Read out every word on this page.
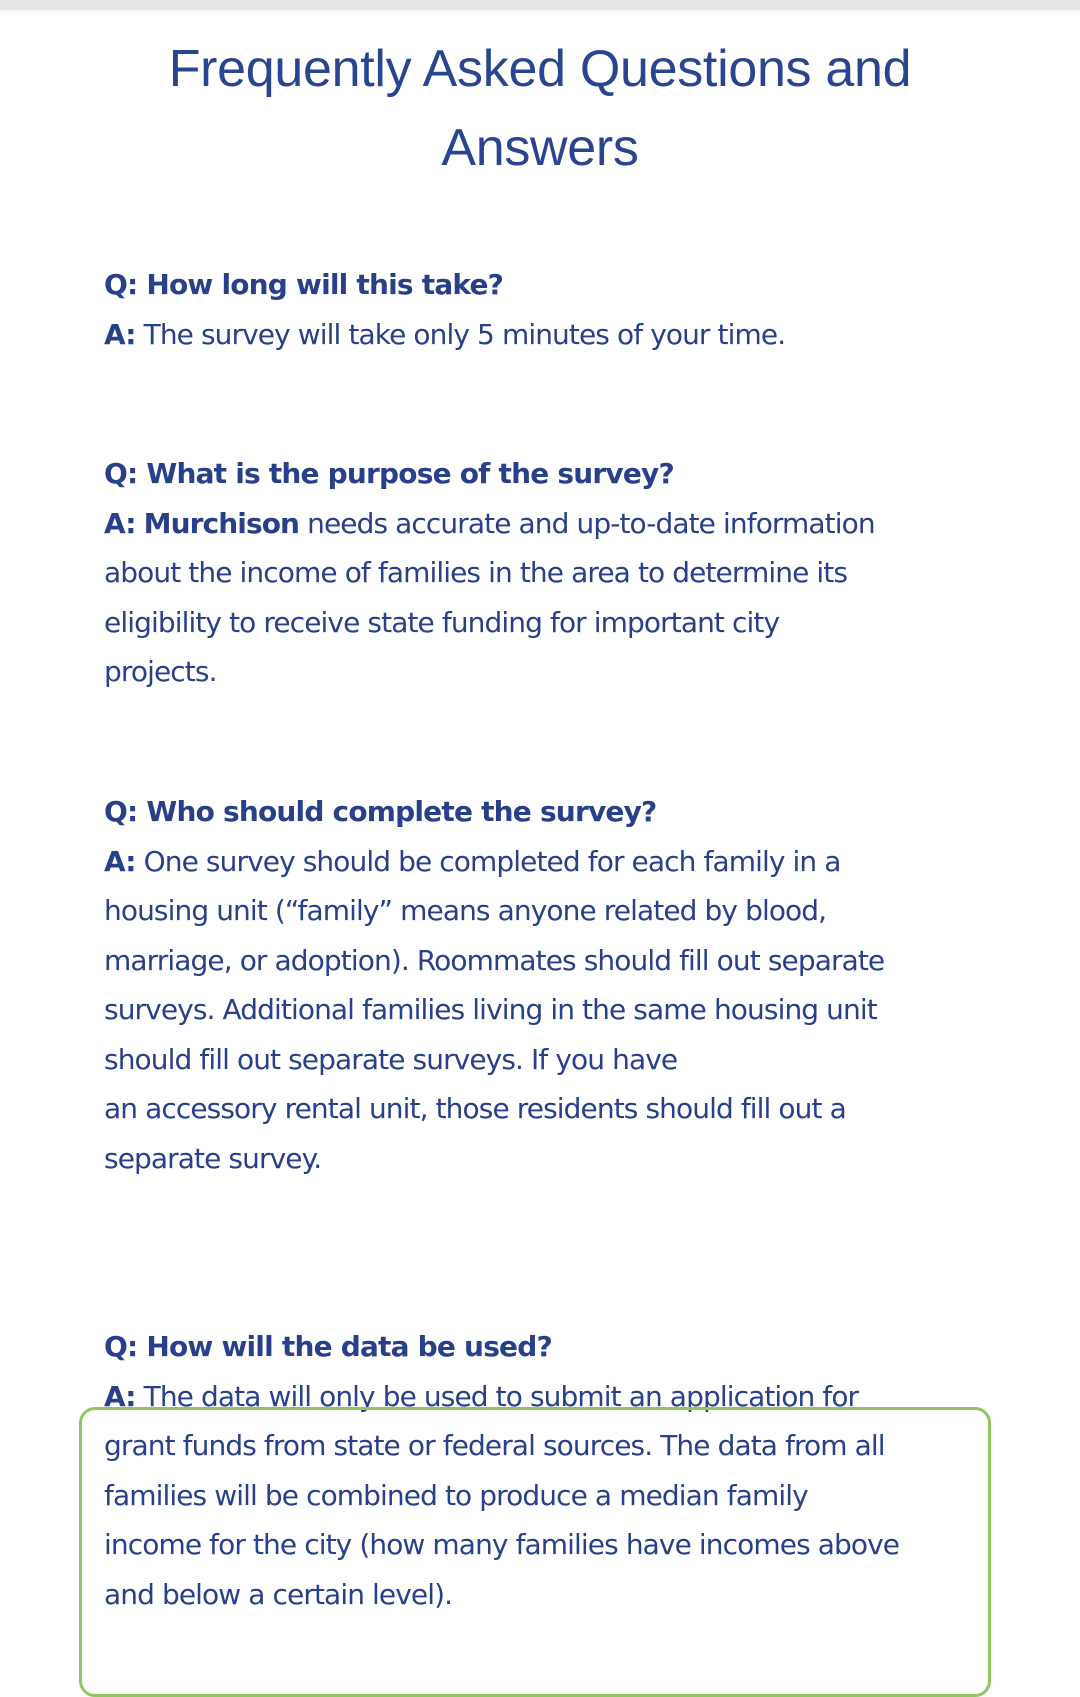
Frequently Asked Questions and
Answers

Q: How long will this take?

A: The survey will take only 5 minutes of your time.

Q: What is the purpose of the survey?

A: Murchison needs accurate and up-to-date information
about the income of families in the area to determine its
eligibility to receive state funding for important city
projects.

Q: Who should complete the survey?

A: One survey should be completed for each family in a
housing unit (“family” means anyone related by blood,
marriage, or adoption). Roommates should fill out separate
surveys. Additional families living in the same housing unit
should fill out separate surveys. If you have
an accessory rental unit, those residents should fill out a
separate survey.

Q: How will the data be used?

A: The data will only be used to submit an application for
grant funds from state or federal sources. The data from all
families will be combined to produce a median family
income for the city (how many families have incomes above
and below a certain level).
